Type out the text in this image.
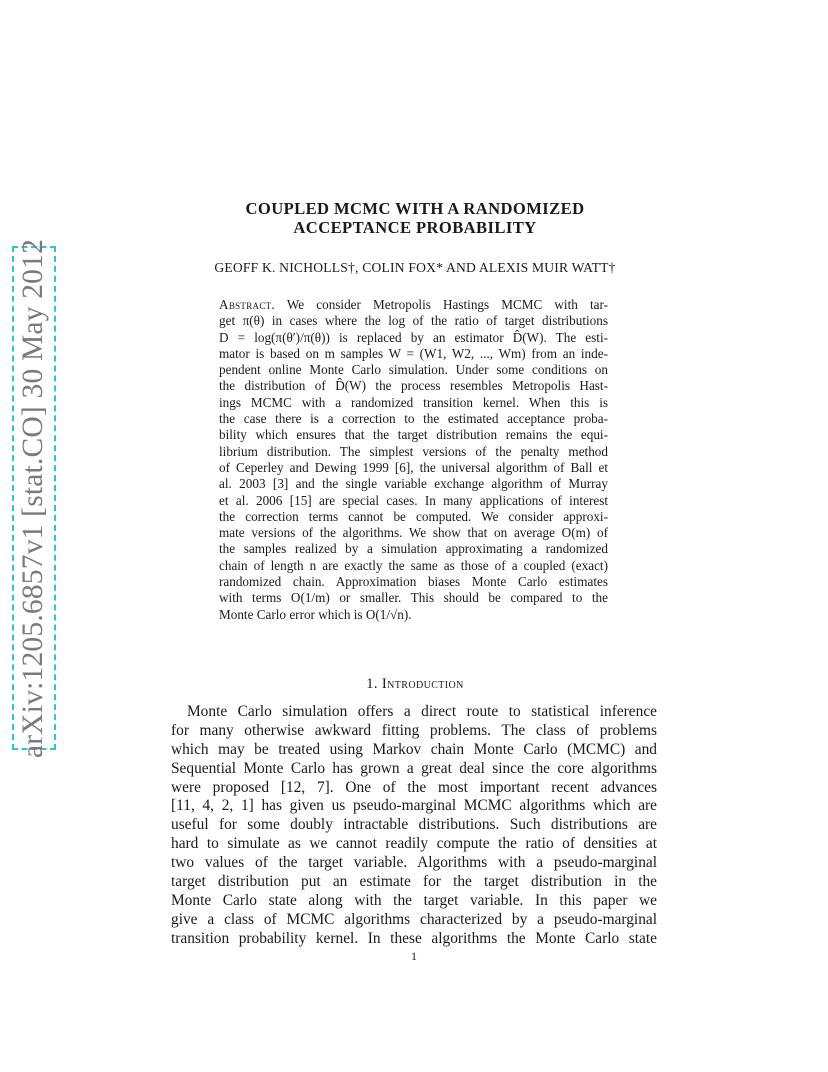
arXiv:1205.6857v1 [stat.CO] 30 May 2012
COUPLED MCMC WITH A RANDOMIZED
ACCEPTANCE PROBABILITY
GEOFF K. NICHOLLS†, COLIN FOX* AND ALEXIS MUIR WATT†
Abstract. We consider Metropolis Hastings MCMC with tar-
get π(θ) in cases where the log of the ratio of target distributions
D = log(π(θ′)/π(θ)) is replaced by an estimator D̂(W). The esti-
mator is based on m samples W = (W1, W2, ..., Wm) from an inde-
pendent online Monte Carlo simulation. Under some conditions on
the distribution of D̂(W) the process resembles Metropolis Hast-
ings MCMC with a randomized transition kernel. When this is
the case there is a correction to the estimated acceptance proba-
bility which ensures that the target distribution remains the equi-
librium distribution. The simplest versions of the penalty method
of Ceperley and Dewing 1999 [6], the universal algorithm of Ball et
al. 2003 [3] and the single variable exchange algorithm of Murray
et al. 2006 [15] are special cases. In many applications of interest
the correction terms cannot be computed. We consider approxi-
mate versions of the algorithms. We show that on average O(m) of
the samples realized by a simulation approximating a randomized
chain of length n are exactly the same as those of a coupled (exact)
randomized chain. Approximation biases Monte Carlo estimates
with terms O(1/m) or smaller. This should be compared to the
Monte Carlo error which is O(1/√n).
1. Introduction
Monte Carlo simulation offers a direct route to statistical inference
for many otherwise awkward fitting problems. The class of problems
which may be treated using Markov chain Monte Carlo (MCMC) and
Sequential Monte Carlo has grown a great deal since the core algorithms
were proposed [12, 7]. One of the most important recent advances
[11, 4, 2, 1] has given us pseudo-marginal MCMC algorithms which are
useful for some doubly intractable distributions. Such distributions are
hard to simulate as we cannot readily compute the ratio of densities at
two values of the target variable. Algorithms with a pseudo-marginal
target distribution put an estimate for the target distribution in the
Monte Carlo state along with the target variable. In this paper we
give a class of MCMC algorithms characterized by a pseudo-marginal
transition probability kernel. In these algorithms the Monte Carlo state
1
